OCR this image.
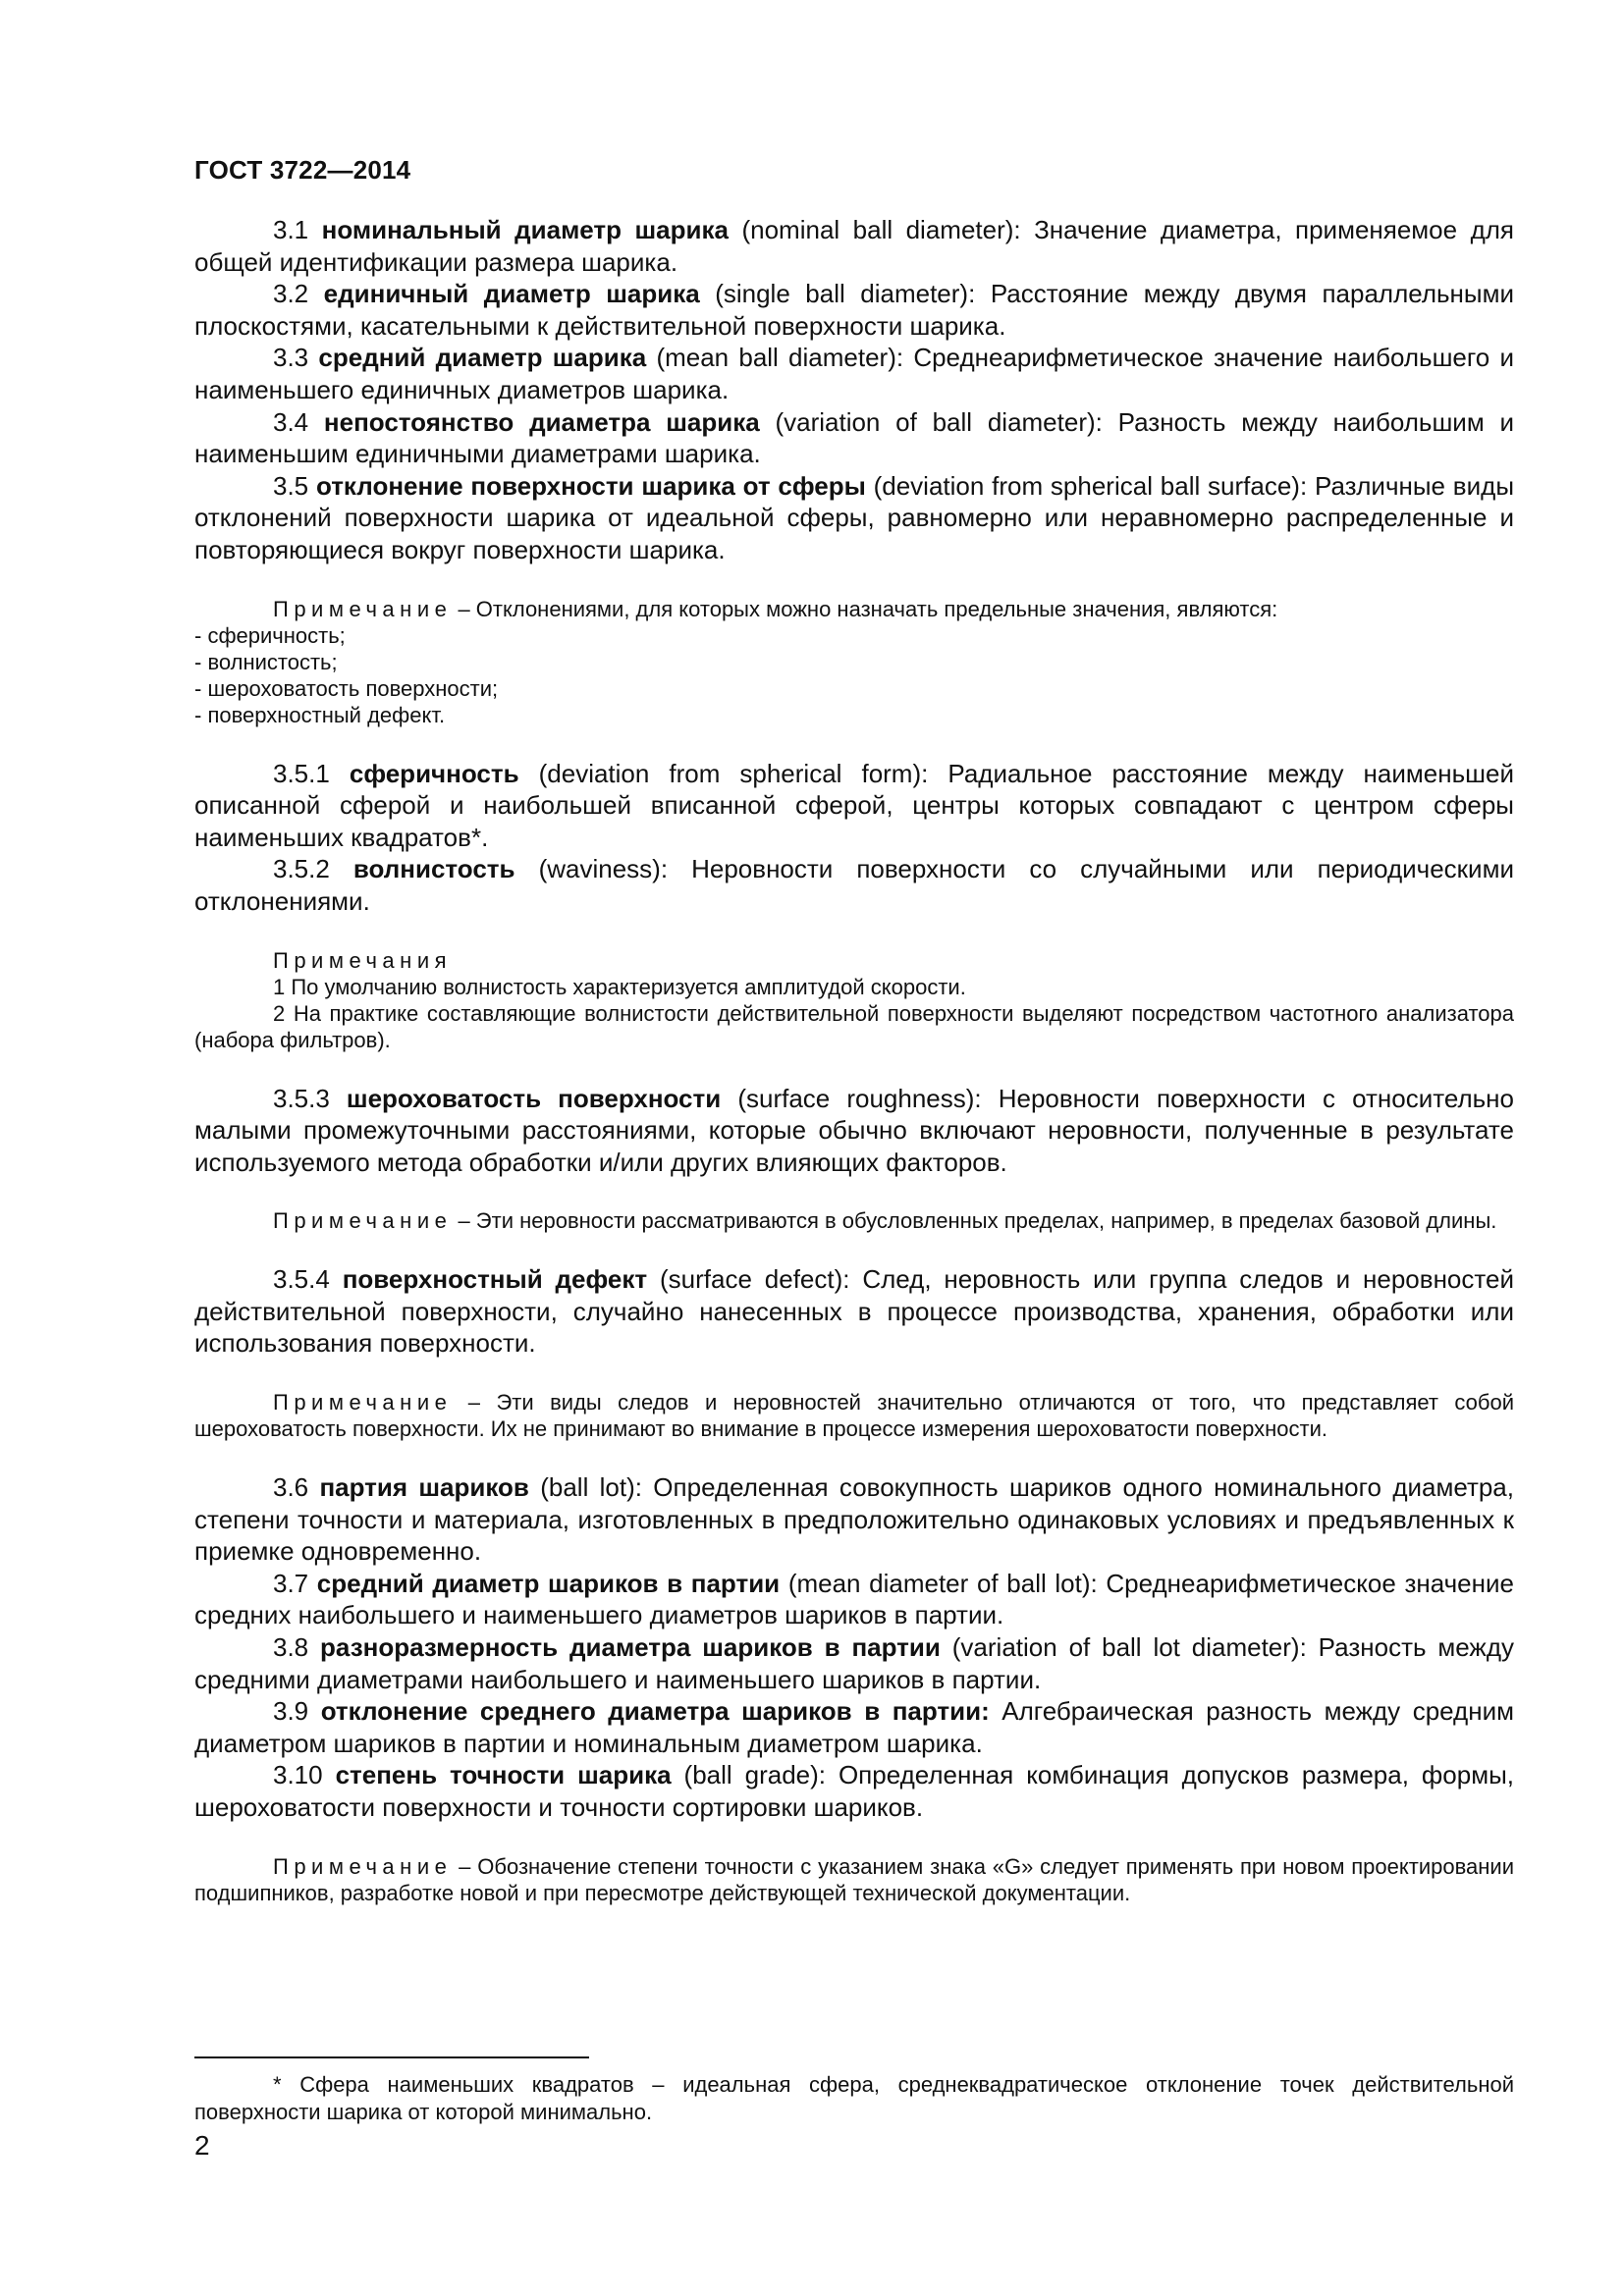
ГОСТ 3722—2014

3.1 номинальный диаметр шарика (nominal ball diameter): Значение диаметра, применяемое для общей идентификации размера шарика.

3.2 единичный диаметр шарика (single ball diameter): Расстояние между двумя параллельными плоскостями, касательными к действительной поверхности шарика.

3.3 средний диаметр шарика (mean ball diameter): Среднеарифметическое значение наибольшего и наименьшего единичных диаметров шарика.

3.4 непостоянство диаметра шарика (variation of ball diameter): Разность между наибольшим и наименьшим единичными диаметрами шарика.

3.5 отклонение поверхности шарика от сферы (deviation from spherical ball surface): Различные виды отклонений поверхности шарика от идеальной сферы, равномерно или неравномерно распределенные и повторяющиеся вокруг поверхности шарика.

Примечание – Отклонениями, для которых можно назначать предельные значения, являются:

- сферичность;

- волнистость;

- шероховатость поверхности;

- поверхностный дефект.

3.5.1 сферичность (deviation from spherical form): Радиальное расстояние между наименьшей описанной сферой и наибольшей вписанной сферой, центры которых совпадают с центром сферы наименьших квадратов*.

3.5.2 волнистость (waviness): Неровности поверхности со случайными или периодическими отклонениями.

Примечания

1 По умолчанию волнистость характеризуется амплитудой скорости.

2 На практике составляющие волнистости действительной поверхности выделяют посредством частотного анализатора (набора фильтров).

3.5.3 шероховатость поверхности (surface roughness): Неровности поверхности с относительно малыми промежуточными расстояниями, которые обычно включают неровности, полученные в результате используемого метода обработки и/или других влияющих факторов.

Примечание – Эти неровности рассматриваются в обусловленных пределах, например, в пределах базовой длины.

3.5.4 поверхностный дефект (surface defect): След, неровность или группа следов и неровностей действительной поверхности, случайно нанесенных в процессе производства, хранения, обработки или использования поверхности.

Примечание – Эти виды следов и неровностей значительно отличаются от того, что представляет собой шероховатость поверхности. Их не принимают во внимание в процессе измерения шероховатости поверхности.

3.6 партия шариков (ball lot): Определенная совокупность шариков одного номинального диаметра, степени точности и материала, изготовленных в предположительно одинаковых условиях и предъявленных к приемке одновременно.

3.7 средний диаметр шариков в партии (mean diameter of ball lot): Среднеарифметическое значение средних наибольшего и наименьшего диаметров шариков в партии.

3.8 разноразмерность диаметра шариков в партии (variation of ball lot diameter): Разность между средними диаметрами наибольшего и наименьшего шариков в партии.

3.9 отклонение среднего диаметра шариков в партии: Алгебраическая разность между средним диаметром шариков в партии и номинальным диаметром шарика.

3.10 степень точности шарика (ball grade): Определенная комбинация допусков размера, формы, шероховатости поверхности и точности сортировки шариков.

Примечание – Обозначение степени точности с указанием знака «G» следует применять при новом проектировании подшипников, разработке новой и при пересмотре действующей технической документации.

* Сфера наименьших квадратов – идеальная сфера, среднеквадратическое отклонение точек действительной поверхности шарика от которой минимально.

2
